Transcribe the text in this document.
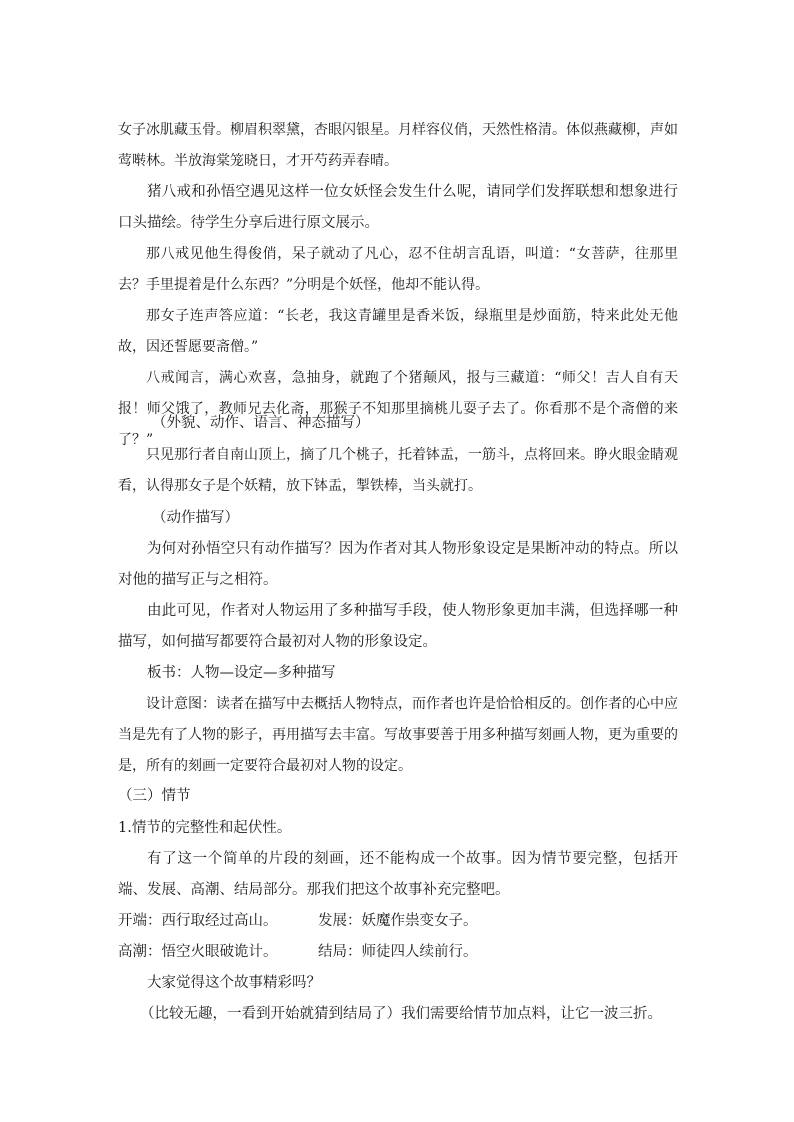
女子冰肌藏玉骨。柳眉积翠黛，杏眼闪银星。月样容仪俏，天然性格清。体似燕藏柳，声如莺啭林。半放海棠笼晓日，才开芍药弄春晴。

猪八戒和孙悟空遇见这样一位女妖怪会发生什么呢，请同学们发挥联想和想象进行口头描绘。待学生分享后进行原文展示。

那八戒见他生得俊俏，呆子就动了凡心，忍不住胡言乱语，叫道：“女菩萨，往那里去？手里提着是什么东西？”分明是个妖怪，他却不能认得。

那女子连声答应道：“长老，我这青罐里是香米饭，绿瓶里是炒面筋，特来此处无他故，因还誓愿要斋僧。”

八戒闻言，满心欢喜，急抽身，就跑了个猪颠风，报与三藏道：“师父！吉人自有天报！师父饿了，教师兄去化斋，那猴子不知那里摘桃儿耍子去了。你看那不是个斋僧的来了？”

（外貌、动作、语言、神态描写）

只见那行者自南山顶上，摘了几个桃子，托着钵盂，一筋斗，点将回来。睁火眼金睛观看，认得那女子是个妖精，放下钵盂，掣铁棒，当头就打。

（动作描写）

为何对孙悟空只有动作描写？因为作者对其人物形象设定是果断冲动的特点。所以对他的描写正与之相符。

由此可见，作者对人物运用了多种描写手段，使人物形象更加丰满，但选择哪一种描写，如何描写都要符合最初对人物的形象设定。

板书：人物—设定—多种描写

设计意图：读者在描写中去概括人物特点，而作者也许是恰恰相反的。创作者的心中应当是先有了人物的影子，再用描写去丰富。写故事要善于用多种描写刻画人物，更为重要的是，所有的刻画一定要符合最初对人物的设定。

（三）情节

1.情节的完整性和起伏性。

有了这一个简单的片段的刻画，还不能构成一个故事。因为情节要完整，包括开端、发展、高潮、结局部分。那我们把这个故事补充完整吧。

开端：西行取经过高山。	发展：妖魔作祟变女子。
高潮：悟空火眼破诡计。	结局：师徒四人续前行。

大家觉得这个故事精彩吗？

（比较无趣，一看到开始就猜到结局了）我们需要给情节加点料，让它一波三折。
